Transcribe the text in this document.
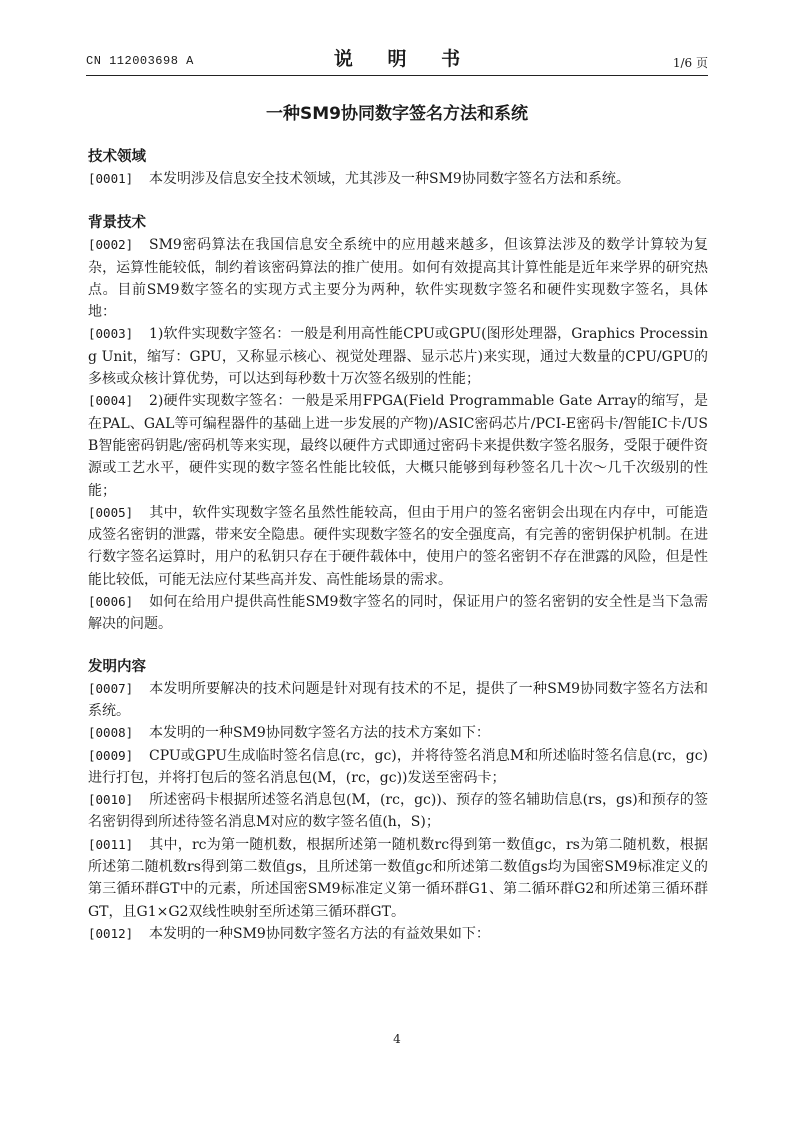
CN 112003698 A	说 明 书	1/6 页
一种SM9协同数字签名方法和系统

技术领域

[0001] 本发明涉及信息安全技术领域，尤其涉及一种SM9协同数字签名方法和系统。

背景技术

[0002] SM9密码算法在我国信息安全系统中的应用越来越多，但该算法涉及的数学计算较为复杂，运算性能较低，制约着该密码算法的推广使用。如何有效提高其计算性能是近年来学界的研究热点。目前SM9数字签名的实现方式主要分为两种，软件实现数字签名和硬件实现数字签名，具体地：

[0003] 1)软件实现数字签名：一般是利用高性能CPU或GPU(图形处理器，Graphics Processing Unit，缩写：GPU，又称显示核心、视觉处理器、显示芯片)来实现，通过大数量的CPU/GPU的多核或众核计算优势，可以达到每秒数十万次签名级别的性能；

[0004] 2)硬件实现数字签名：一般是采用FPGA(Field Programmable Gate Array的缩写，是在PAL、GAL等可编程器件的基础上进一步发展的产物)/ASIC密码芯片/PCI-E密码卡/智能IC卡/USB智能密码钥匙/密码机等来实现，最终以硬件方式即通过密码卡来提供数字签名服务，受限于硬件资源或工艺水平，硬件实现的数字签名性能比较低，大概只能够到每秒签名几十次～几千次级别的性能；

[0005] 其中，软件实现数字签名虽然性能较高，但由于用户的签名密钥会出现在内存中，可能造成签名密钥的泄露，带来安全隐患。硬件实现数字签名的安全强度高，有完善的密钥保护机制。在进行数字签名运算时，用户的私钥只存在于硬件载体中，使用户的签名密钥不存在泄露的风险，但是性能比较低，可能无法应付某些高并发、高性能场景的需求。

[0006] 如何在给用户提供高性能SM9数字签名的同时，保证用户的签名密钥的安全性是当下急需解决的问题。

发明内容

[0007] 本发明所要解决的技术问题是针对现有技术的不足，提供了一种SM9协同数字签名方法和系统。

[0008] 本发明的一种SM9协同数字签名方法的技术方案如下：

[0009] CPU或GPU生成临时签名信息(rc，gc)，并将待签名消息M和所述临时签名信息(rc，gc)进行打包，并将打包后的签名消息包(M，(rc，gc))发送至密码卡；

[0010] 所述密码卡根据所述签名消息包(M，(rc，gc))、预存的签名辅助信息(rs，gs)和预存的签名密钥得到所述待签名消息M对应的数字签名值(h，S)；

[0011] 其中，rc为第一随机数，根据所述第一随机数rc得到第一数值gc，rs为第二随机数，根据所述第二随机数rs得到第二数值gs，且所述第一数值gc和所述第二数值gs均为国密SM9标准定义的第三循环群GT中的元素，所述国密SM9标准定义第一循环群G1、第二循环群G2和所述第三循环群GT，且G1×G2双线性映射至所述第三循环群GT。

[0012] 本发明的一种SM9协同数字签名方法的有益效果如下：

4
